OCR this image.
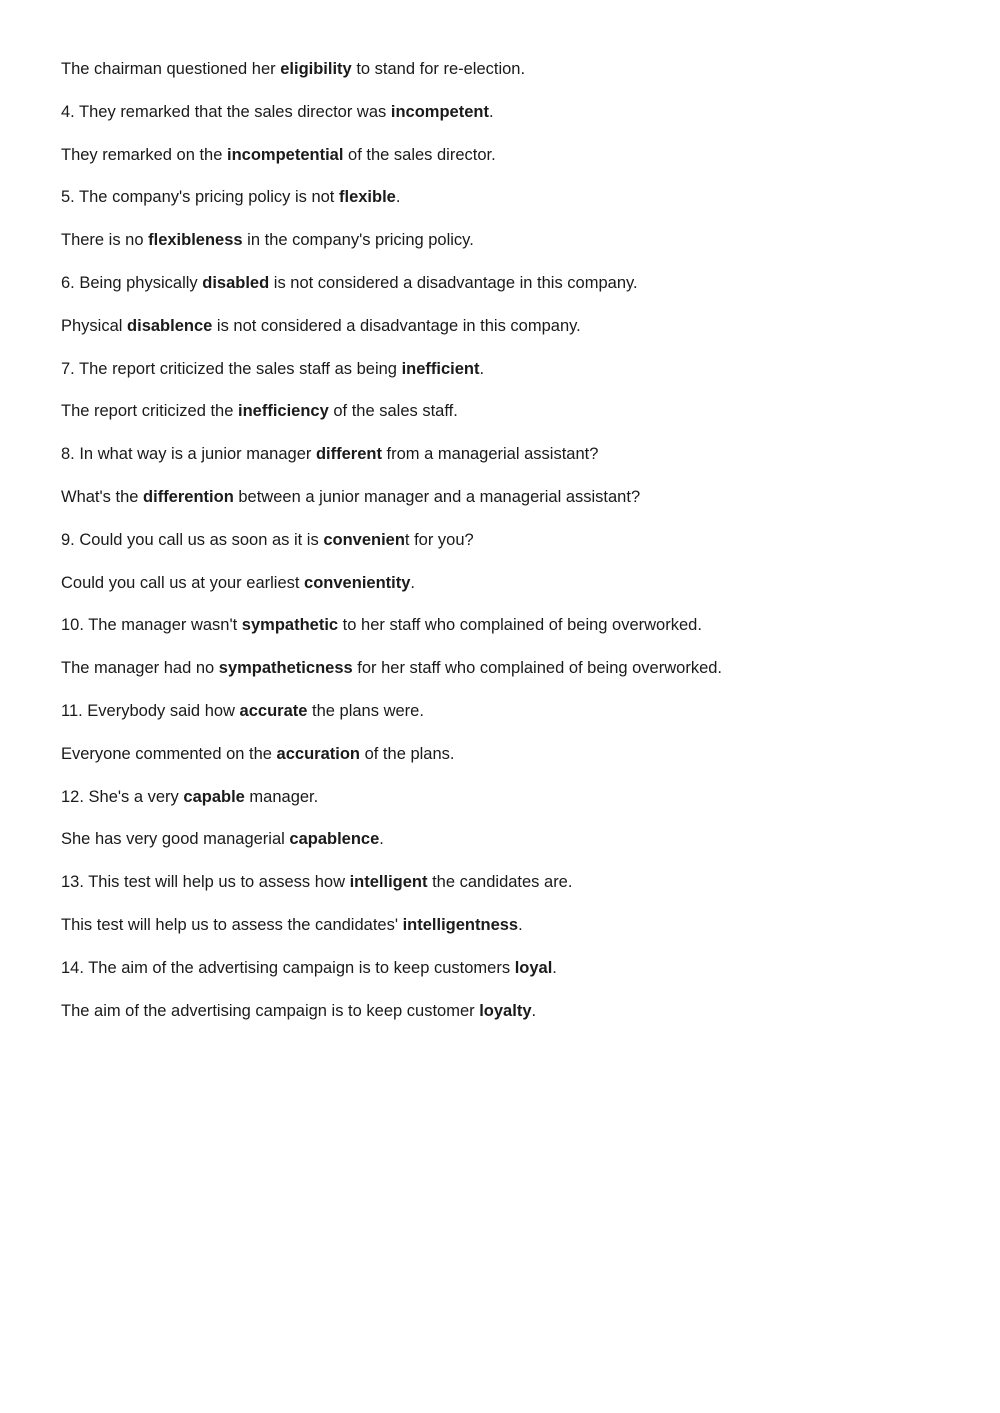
The chairman questioned her eligibility to stand for re-election.

4. They remarked that the sales director was incompetent.

They remarked on the incompetential of the sales director.

5. The company's pricing policy is not flexible.

There is no flexibleness in the company's pricing policy.

6. Being physically disabled is not considered a disadvantage in this company.

Physical disablence is not considered a disadvantage in this company.

7. The report criticized the sales staff as being inefficient.

The report criticized the inefficiency of the sales staff.

8. In what way is a junior manager different from a managerial assistant?

What's the differention between a junior manager and a managerial assistant?

9. Could you call us as soon as it is convenient for you?

Could you call us at your earliest convenientity.

10. The manager wasn't sympathetic to her staff who complained of being overworked.

The manager had no sympatheticness for her staff who complained of being overworked.

11. Everybody said how accurate the plans were.

Everyone commented on the accuration of the plans.

12. She's a very capable manager.

She has very good managerial capablence.

13. This test will help us to assess how intelligent the candidates are.

This test will help us to assess the candidates' intelligentness.

14. The aim of the advertising campaign is to keep customers loyal.

The aim of the advertising campaign is to keep customer loyalty.
